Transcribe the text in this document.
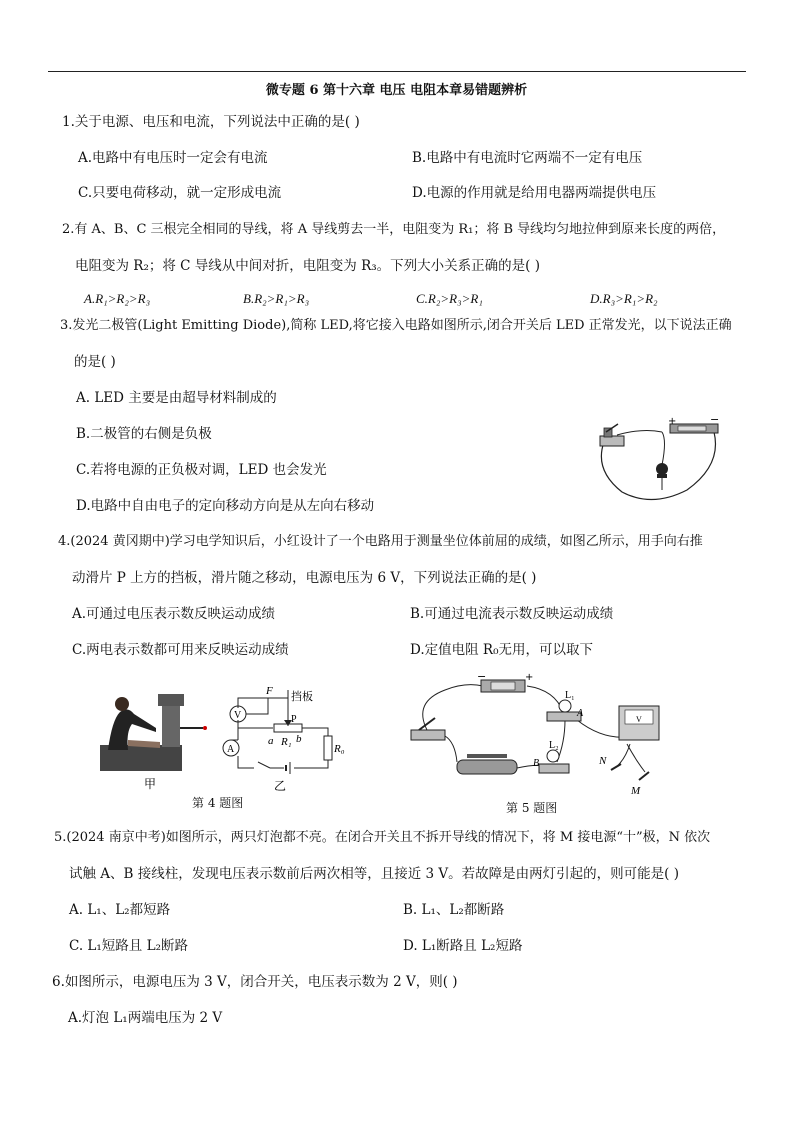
微专题 6 第十六章 电压 电阻本章易错题辨析
1.关于电源、电压和电流，下列说法中正确的是( )
A.电路中有电压时一定会有电流	B.电路中有电流时它两端不一定有电压
C.只要电荷移动，就一定形成电流	D.电源的作用就是给用电器两端提供电压
2.有 A、B、C 三根完全相同的导线，将 A 导线剪去一半，电阻变为 R₁；将 B 导线均匀地拉伸到原来长度的两倍，
电阻变为 R₂；将 C 导线从中间对折，电阻变为 R₃。下列大小关系正确的是( )
A.R₁>R₂>R₃	B.R₂>R₁>R₃	C.R₂>R₃>R₁	D.R₃>R₁>R₂
3.发光二极管(Light Emitting Diode),简称 LED,将它接入电路如图所示,闭合开关后 LED 正常发光，以下说法正确
的是( )
A. LED 主要是由超导材料制成的
B.二极管的右侧是负极
C.若将电源的正负极对调，LED 也会发光
D.电路中自由电子的定向移动方向是从左向右移动
+	−
4.(2024 黄冈期中)学习电学知识后，小红设计了一个电路用于测量坐位体前屈的成绩，如图乙所示，用手向右推
动滑片 P 上方的挡板，滑片随之移动，电源电压为 6 V，下列说法正确的是( )
A.可通过电压表示数反映运动成绩	B.可通过电流表示数反映运动成绩
C.两电表示数都可用来反映运动成绩	D.定值电阻 R₀无用，可以取下
甲
V
A
F 挡板
P
a R₁ b
R₀
乙
第 4 题图
−	+
L₁
A
L₂
B
V
N
M
第 5 题图
5.(2024 南京中考)如图所示，两只灯泡都不亮。在闭合开关且不拆开导线的情况下，将 M 接电源“十”极，N 依次
试触 A、B 接线柱，发现电压表示数前后两次相等，且接近 3 V。若故障是由两灯引起的，则可能是( )
A. L₁、L₂都短路	B. L₁、L₂都断路
C. L₁短路且 L₂断路	D. L₁断路且 L₂短路
6.如图所示，电源电压为 3 V，闭合开关，电压表示数为 2 V，则( )
A.灯泡 L₁两端电压为 2 V
